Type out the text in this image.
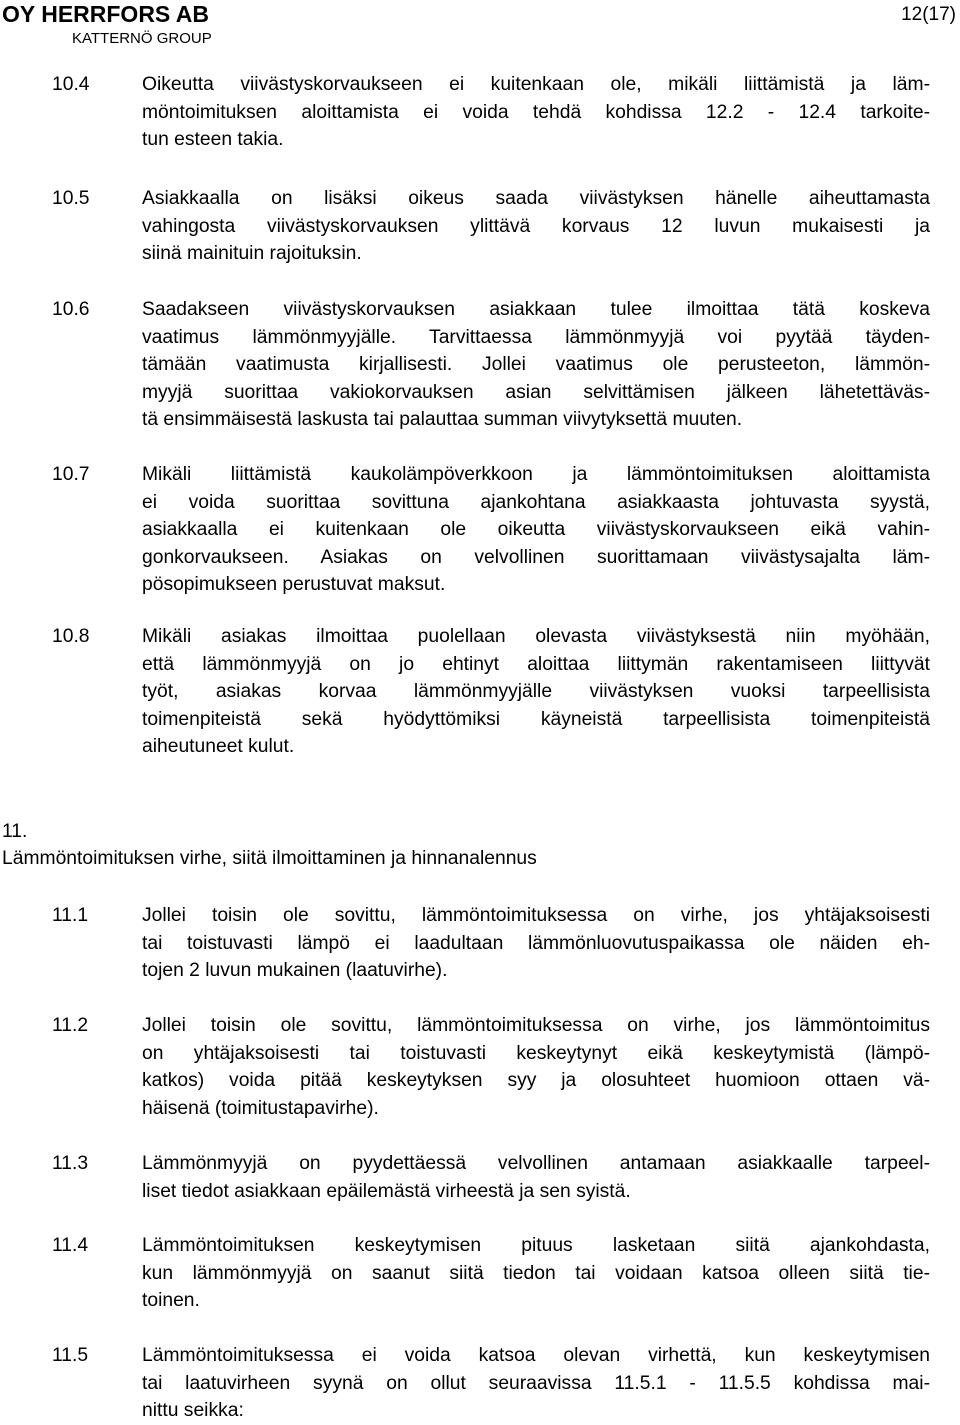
OY HERRFORS AB
KATTERNÖ GROUP
12(17)
10.4	Oikeutta viivästyskorvaukseen ei kuitenkaan ole, mikäli liittämistä ja läm-
möntoimituksen aloittamista ei voida tehdä kohdissa 12.2 - 12.4 tarkoite-
tun esteen takia.
10.5	Asiakkaalla on lisäksi oikeus saada viivästyksen hänelle aiheuttamasta
vahingosta viivästyskorvauksen ylittävä korvaus 12 luvun mukaisesti ja
siinä mainituin rajoituksin.
10.6	Saadakseen viivästyskorvauksen asiakkaan tulee ilmoittaa tätä koskeva
vaatimus lämmönmyyjälle. Tarvittaessa lämmönmyyjä voi pyytää täyden-
tämään vaatimusta kirjallisesti. Jollei vaatimus ole perusteeton, lämmön-
myyjä suorittaa vakiokorvauksen asian selvittämisen jälkeen lähetettäväs-
tä ensimmäisestä laskusta tai palauttaa summan viivytyksettä muuten.
10.7	Mikäli liittämistä kaukolämpöverkkoon ja lämmöntoimituksen aloittamista
ei voida suorittaa sovittuna ajankohtana asiakkaasta johtuvasta syystä,
asiakkaalla ei kuitenkaan ole oikeutta viivästyskorvaukseen eikä vahin-
gonkorvaukseen. Asiakas on velvollinen suorittamaan viivästysajalta läm-
pösopimukseen perustuvat maksut.
10.8	Mikäli asiakas ilmoittaa puolellaan olevasta viivästyksestä niin myöhään,
että lämmönmyyjä on jo ehtinyt aloittaa liittymän rakentamiseen liittyvät
työt, asiakas korvaa lämmönmyyjälle viivästyksen vuoksi tarpeellisista
toimenpiteistä sekä hyödyttömiksi käyneistä tarpeellisista toimenpiteistä
aiheutuneet kulut.
11.
Lämmöntoimituksen virhe, siitä ilmoittaminen ja hinnanalennus
11.1	Jollei toisin ole sovittu, lämmöntoimituksessa on virhe, jos yhtäjaksoisesti
tai toistuvasti lämpö ei laadultaan lämmönluovutuspaikassa ole näiden eh-
tojen 2 luvun mukainen (laatuvirhe).
11.2	Jollei toisin ole sovittu, lämmöntoimituksessa on virhe, jos lämmöntoimitus
on yhtäjaksoisesti tai toistuvasti keskeytynyt eikä keskeytymistä (lämpö-
katkos) voida pitää keskeytyksen syy ja olosuhteet huomioon ottaen vä-
häisenä (toimitustapavirhe).
11.3	Lämmönmyyjä on pyydettäessä velvollinen antamaan asiakkaalle tarpeel-
liset tiedot asiakkaan epäilemästä virheestä ja sen syistä.
11.4	Lämmöntoimituksen keskeytymisen pituus lasketaan siitä ajankohdasta,
kun lämmönmyyjä on saanut siitä tiedon tai voidaan katsoa olleen siitä tie-
toinen.
11.5	Lämmöntoimituksessa ei voida katsoa olevan virhettä, kun keskeytymisen
tai laatuvirheen syynä on ollut seuraavissa 11.5.1 - 11.5.5 kohdissa mai-
nittu seikka:
